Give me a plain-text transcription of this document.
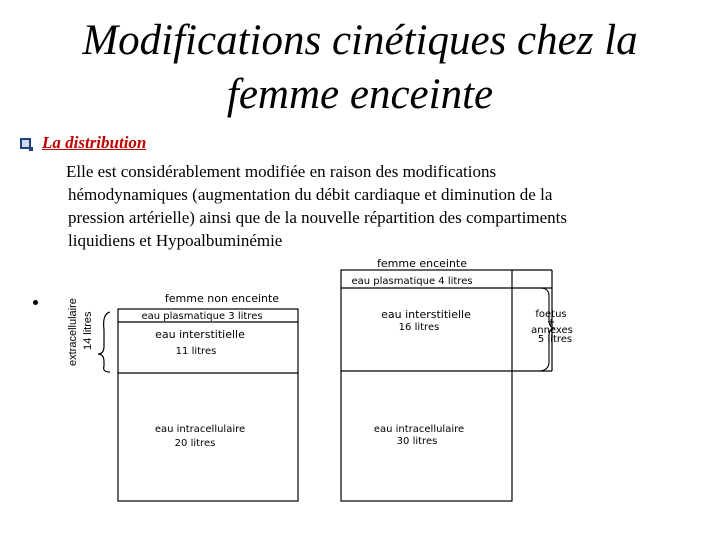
Modifications cinétiques chez la
femme enceinte
La distribution

Elle est considérablement modifiée en raison des modifications
hémodynamiques (augmentation du débit cardiaque et diminution de la
pression artérielle) ainsi que de la nouvelle répartition des compartiments
liquidiens et Hypoalbuminémie

extracellulaire 14 litres
femme non enceinte
eau plasmatique 3 litres
eau interstitielle
11 litres
eau intracellulaire
20 litres
femme enceinte
eau plasmatique 4 litres
eau interstitielle
16 litres
eau intracellulaire
30 litres
foetus
+
annexes
5 litres
